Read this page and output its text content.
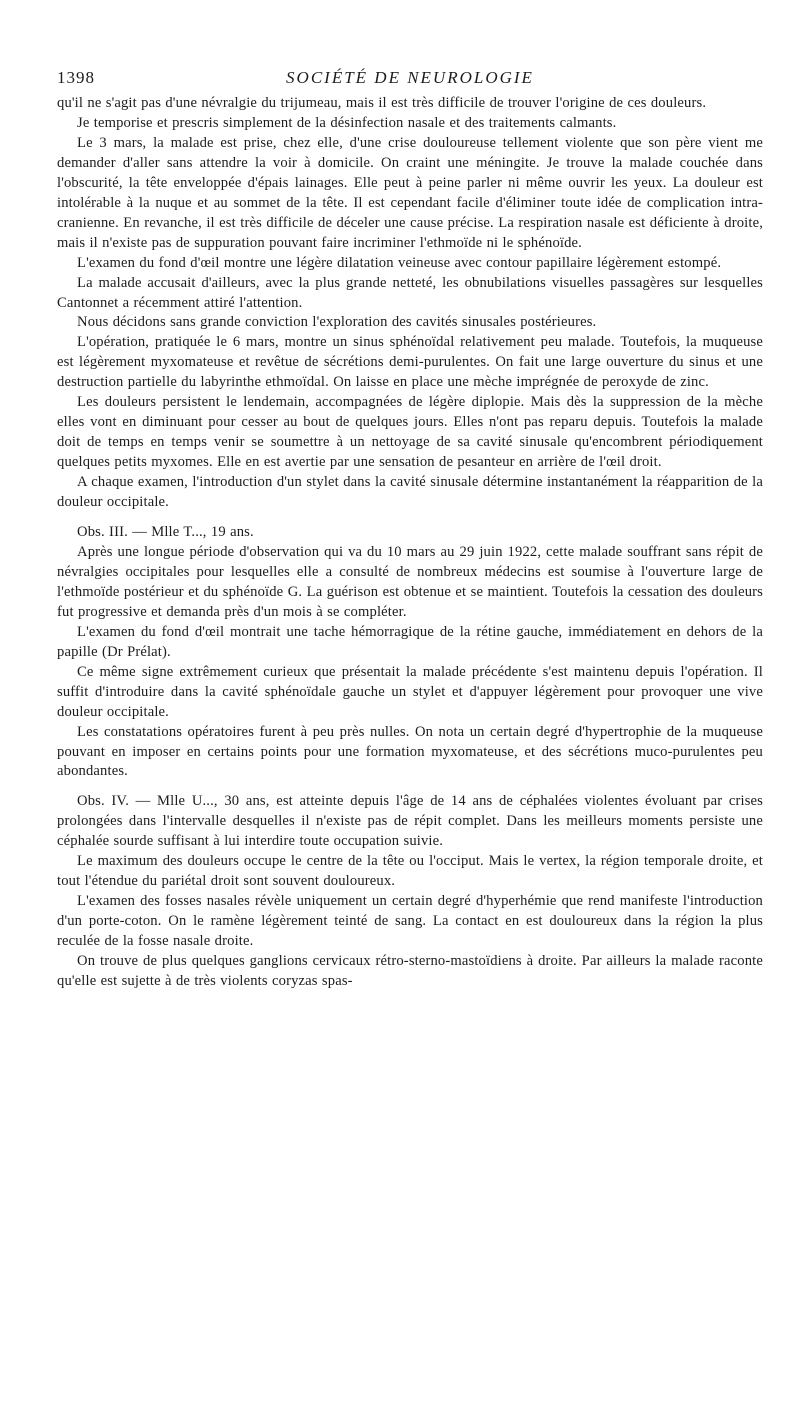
1398	SOCIÉTÉ DE NEUROLOGIE

qu'il ne s'agit pas d'une névralgie du trijumeau, mais il est très difficile de trouver l'origine de ces douleurs.

Je temporise et prescris simplement de la désinfection nasale et des traitements calmants.

Le 3 mars, la malade est prise, chez elle, d'une crise douloureuse tellement violente que son père vient me demander d'aller sans attendre la voir à domicile. On craint une méningite. Je trouve la malade couchée dans l'obscurité, la tête enveloppée d'épais lainages. Elle peut à peine parler ni même ouvrir les yeux. La douleur est intolérable à la nuque et au sommet de la tête. Il est cependant facile d'éliminer toute idée de complication intra-cranienne. En revanche, il est très difficile de déceler une cause précise. La respiration nasale est déficiente à droite, mais il n'existe pas de suppuration pouvant faire incriminer l'ethmoïde ni le sphénoïde.

L'examen du fond d'œil montre une légère dilatation veineuse avec contour papillaire légèrement estompé.

La malade accusait d'ailleurs, avec la plus grande netteté, les obnubilations visuelles passagères sur lesquelles Cantonnet a récemment attiré l'attention.

Nous décidons sans grande conviction l'exploration des cavités sinusales postérieures.

L'opération, pratiquée le 6 mars, montre un sinus sphénoïdal relativement peu malade. Toutefois, la muqueuse est légèrement myxomateuse et revêtue de sécrétions demi-purulentes. On fait une large ouverture du sinus et une destruction partielle du labyrinthe ethmoïdal. On laisse en place une mèche imprégnée de peroxyde de zinc.

Les douleurs persistent le lendemain, accompagnées de légère diplopie. Mais dès la suppression de la mèche elles vont en diminuant pour cesser au bout de quelques jours. Elles n'ont pas reparu depuis. Toutefois la malade doit de temps en temps venir se soumettre à un nettoyage de sa cavité sinusale qu'encombrent périodiquement quelques petits myxomes. Elle en est avertie par une sensation de pesanteur en arrière de l'œil droit.

A chaque examen, l'introduction d'un stylet dans la cavité sinusale détermine instantanément la réapparition de la douleur occipitale.

Obs. III. — Mlle T..., 19 ans.

Après une longue période d'observation qui va du 10 mars au 29 juin 1922, cette malade souffrant sans répit de névralgies occipitales pour lesquelles elle a consulté de nombreux médecins est soumise à l'ouverture large de l'ethmoïde postérieur et du sphénoïde G. La guérison est obtenue et se maintient. Toutefois la cessation des douleurs fut progressive et demanda près d'un mois à se compléter.

L'examen du fond d'œil montrait une tache hémorragique de la rétine gauche, immédiatement en dehors de la papille (Dr Prélat).

Ce même signe extrêmement curieux que présentait la malade précédente s'est maintenu depuis l'opération. Il suffit d'introduire dans la cavité sphénoïdale gauche un stylet et d'appuyer légèrement pour provoquer une vive douleur occipitale.

Les constatations opératoires furent à peu près nulles. On nota un certain degré d'hypertrophie de la muqueuse pouvant en imposer en certains points pour une formation myxomateuse, et des sécrétions muco-purulentes peu abondantes.

Obs. IV. — Mlle U..., 30 ans, est atteinte depuis l'âge de 14 ans de céphalées violentes évoluant par crises prolongées dans l'intervalle desquelles il n'existe pas de répit complet. Dans les meilleurs moments persiste une céphalée sourde suffisant à lui interdire toute occupation suivie.

Le maximum des douleurs occupe le centre de la tête ou l'occiput. Mais le vertex, la région temporale droite, et tout l'étendue du pariétal droit sont souvent douloureux.

L'examen des fosses nasales révèle uniquement un certain degré d'hyperhémie que rend manifeste l'introduction d'un porte-coton. On le ramène légèrement teinté de sang. La contact en est douloureux dans la région la plus reculée de la fosse nasale droite.

On trouve de plus quelques ganglions cervicaux rétro-sterno-mastoïdiens à droite. Par ailleurs la malade raconte qu'elle est sujette à de très violents coryzas spas-
